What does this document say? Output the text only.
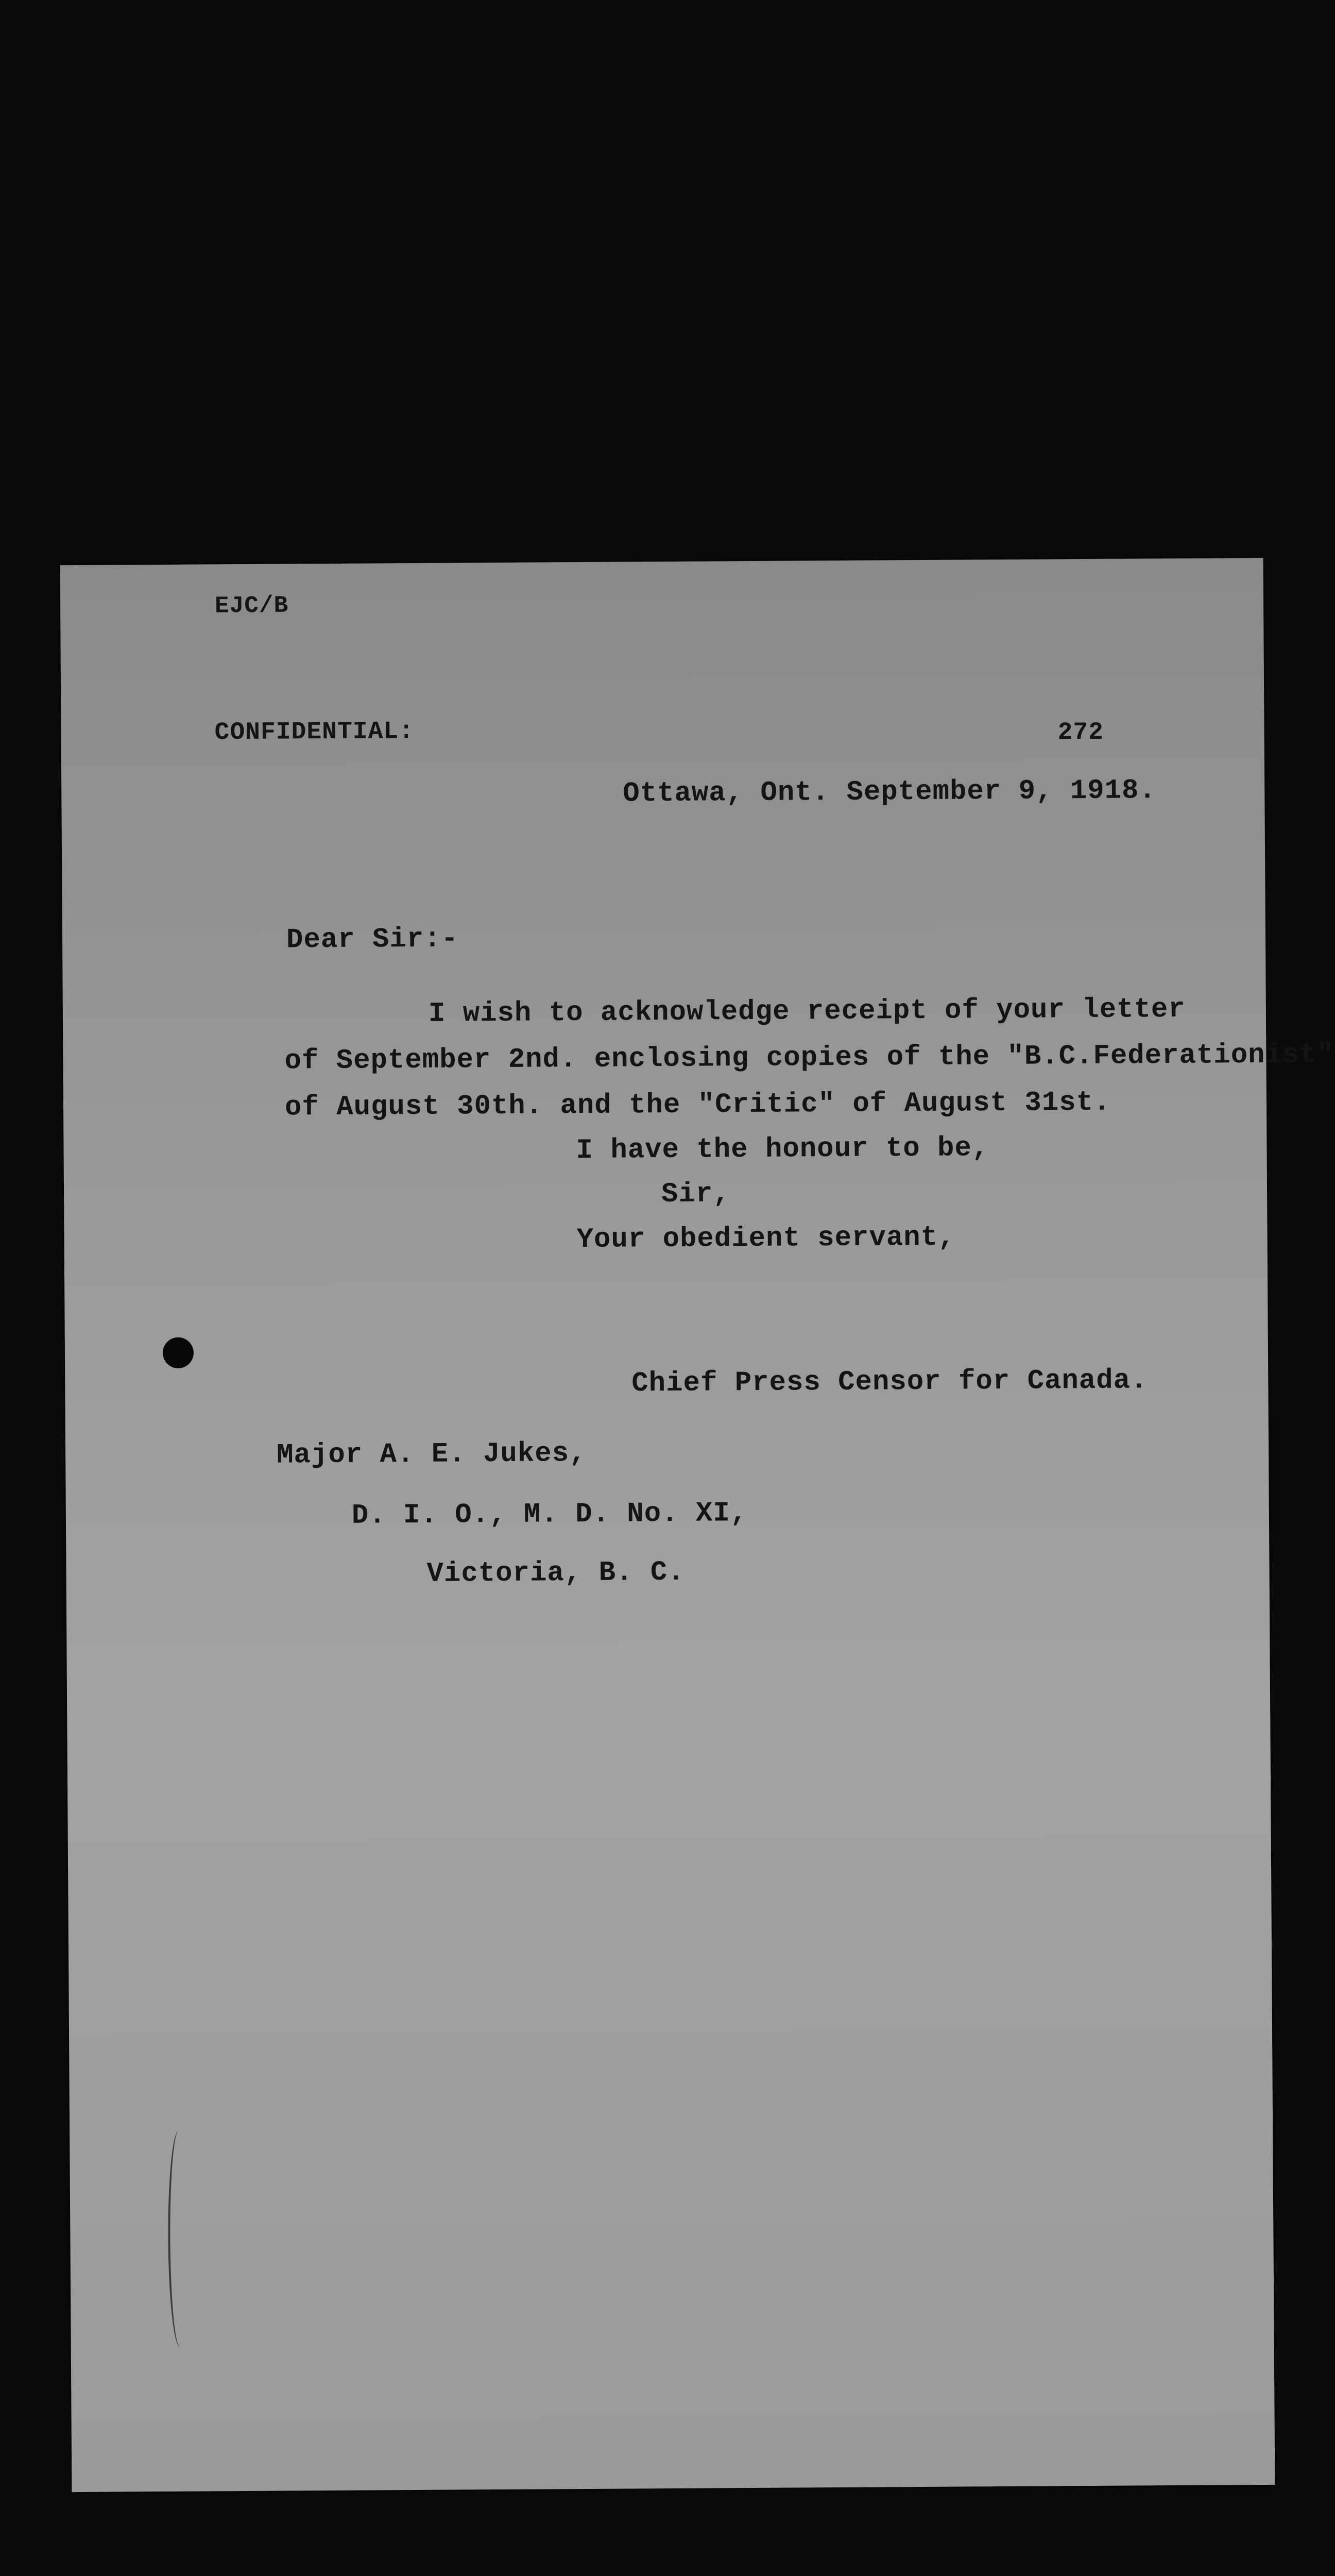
EJC/B
CONFIDENTIAL:	272
Ottawa, Ont. September 9, 1918.
Dear Sir:-
I wish to acknowledge receipt of your letter
of September 2nd. enclosing copies of the "B.C.Federationist"
of August 30th. and the "Critic" of August 31st.
I have the honour to be,
Sir,
Your obedient servant,
Chief Press Censor for Canada.
Major A. E. Jukes,
D. I. O., M. D. No. XI,
Victoria, B. C.
